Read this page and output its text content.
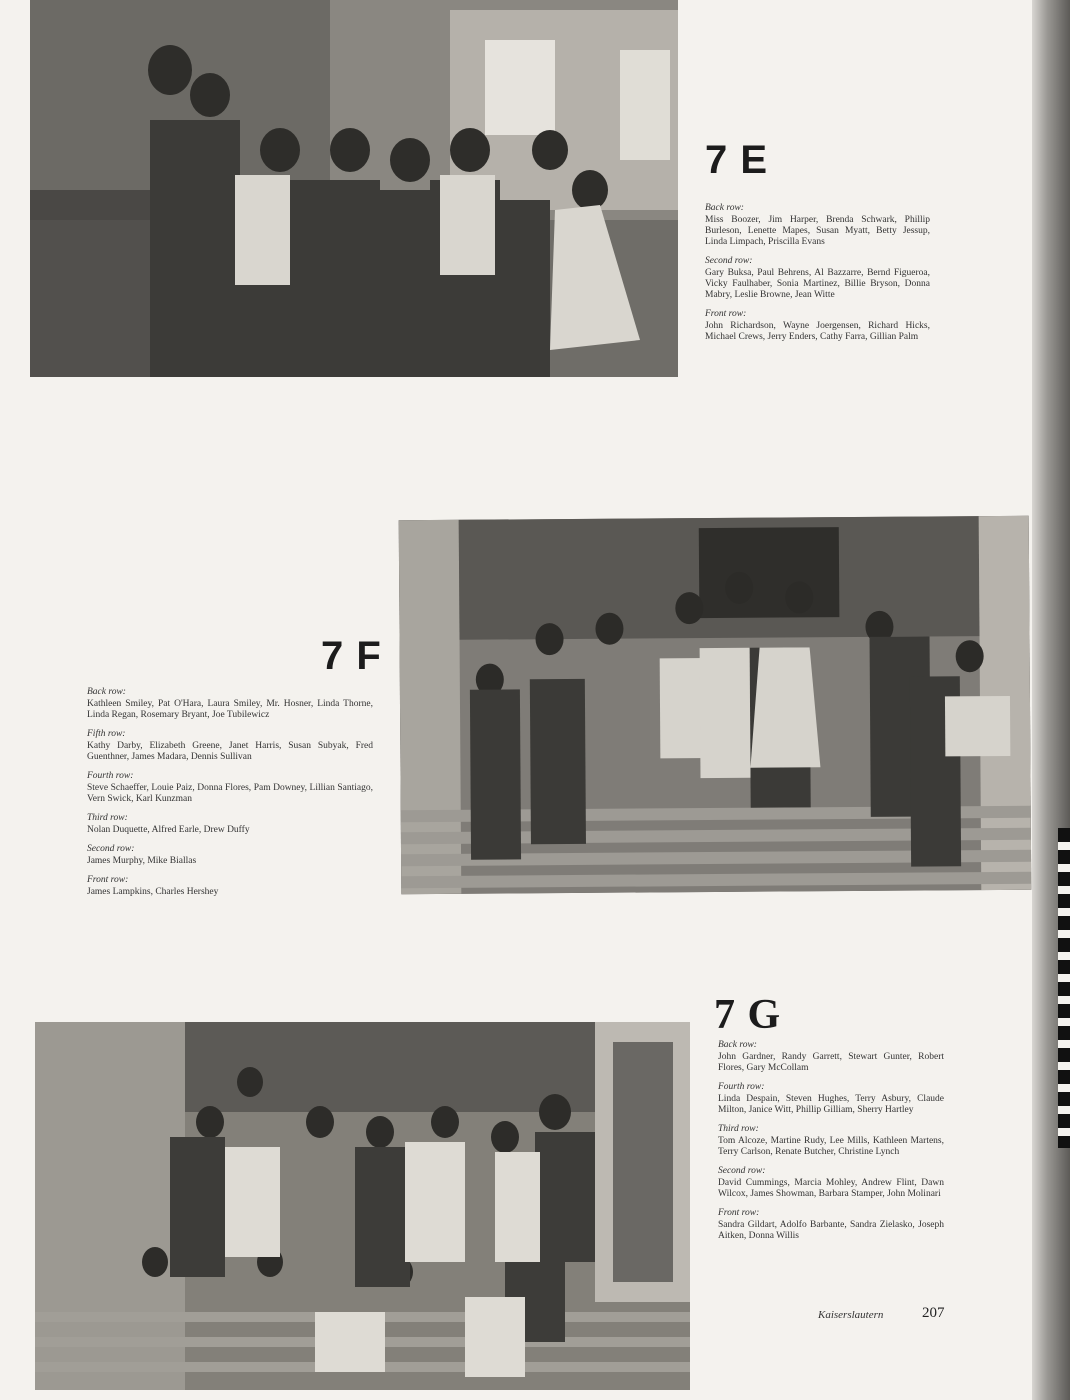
7 E
Back row:
Miss Boozer, Jim Harper, Brenda Schwark, Phillip Burleson, Lenette Mapes, Susan Myatt, Betty Jessup, Linda Limpach, Priscilla Evans
Second row:
Gary Buksa, Paul Behrens, Al Bazzarre, Bernd Figueroa, Vicky Faulhaber, Sonia Martinez, Billie Bryson, Donna Mabry, Leslie Browne, Jean Witte
Front row:
John Richardson, Wayne Joergensen, Richard Hicks, Michael Crews, Jerry Enders, Cathy Farra, Gillian Palm
7 F
Back row:
Kathleen Smiley, Pat O'Hara, Laura Smiley, Mr. Hosner, Linda Thorne, Linda Regan, Rosemary Bryant, Joe Tubilewicz
Fifth row:
Kathy Darby, Elizabeth Greene, Janet Harris, Susan Subyak, Fred Guenthner, James Madara, Dennis Sullivan
Fourth row:
Steve Schaeffer, Louie Paiz, Donna Flores, Pam Downey, Lillian Santiago, Vern Swick, Karl Kunzman
Third row:
Nolan Duquette, Alfred Earle, Drew Duffy
Second row:
James Murphy, Mike Biallas
Front row:
James Lampkins, Charles Hershey
7 G
Back row:
John Gardner, Randy Garrett, Stewart Gunter, Robert Flores, Gary McCollam
Fourth row:
Linda Despain, Steven Hughes, Terry Asbury, Claude Milton, Janice Witt, Phillip Gilliam, Sherry Hartley
Third row:
Tom Alcoze, Martine Rudy, Lee Mills, Kathleen Martens, Terry Carlson, Renate Butcher, Christine Lynch
Second row:
David Cummings, Marcia Mohley, Andrew Flint, Dawn Wilcox, James Showman, Barbara Stamper, John Molinari
Front row:
Sandra Gildart, Adolfo Barbante, Sandra Zielasko, Joseph Aitken, Donna Willis
Kaiserslautern	207
